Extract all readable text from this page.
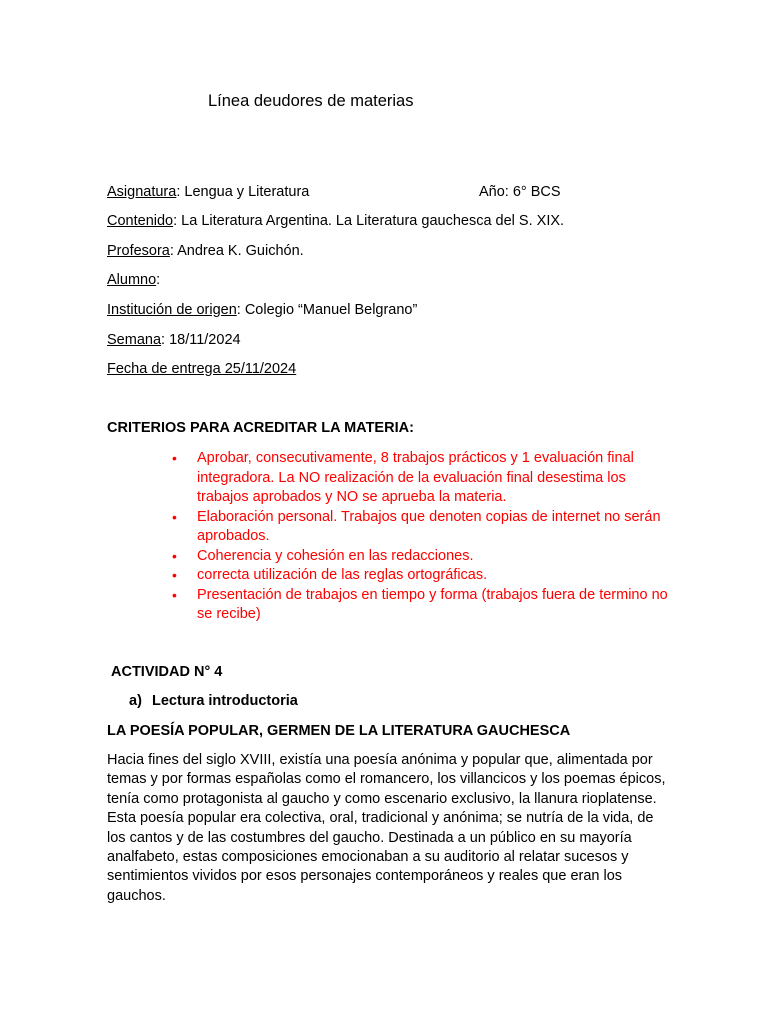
Línea deudores de materias
Asignatura: Lengua y Literatura	Año: 6° BCS
Contenido: La Literatura Argentina. La Literatura gauchesca del S. XIX.
Profesora: Andrea K. Guichón.
Alumno:
Institución de origen: Colegio “Manuel Belgrano”
Semana: 18/11/2024
Fecha de entrega 25/11/2024
CRITERIOS PARA ACREDITAR LA MATERIA:
• Aprobar, consecutivamente, 8 trabajos prácticos y 1 evaluación final integradora. La NO realización de la evaluación final desestima los trabajos aprobados y NO se aprueba la materia.
• Elaboración personal. Trabajos que denoten copias de internet no serán aprobados.
• Coherencia y cohesión en las redacciones.
• correcta utilización de las reglas ortográficas.
• Presentación de trabajos en tiempo y forma (trabajos fuera de termino no se recibe)
ACTIVIDAD N° 4
a) Lectura introductoria
LA POESÍA POPULAR, GERMEN DE LA LITERATURA GAUCHESCA
Hacia fines del siglo XVIII, existía una poesía anónima y popular que, alimentada por temas y por formas españolas como el romancero, los villancicos y los poemas épicos, tenía como protagonista al gaucho y como escenario exclusivo, la llanura rioplatense. Esta poesía popular era colectiva, oral, tradicional y anónima; se nutría de la vida, de los cantos y de las costumbres del gaucho. Destinada a un público en su mayoría analfabeto, estas composiciones emocionaban a su auditorio al relatar sucesos y sentimientos vividos por esos personajes contemporáneos y reales que eran los gauchos.
